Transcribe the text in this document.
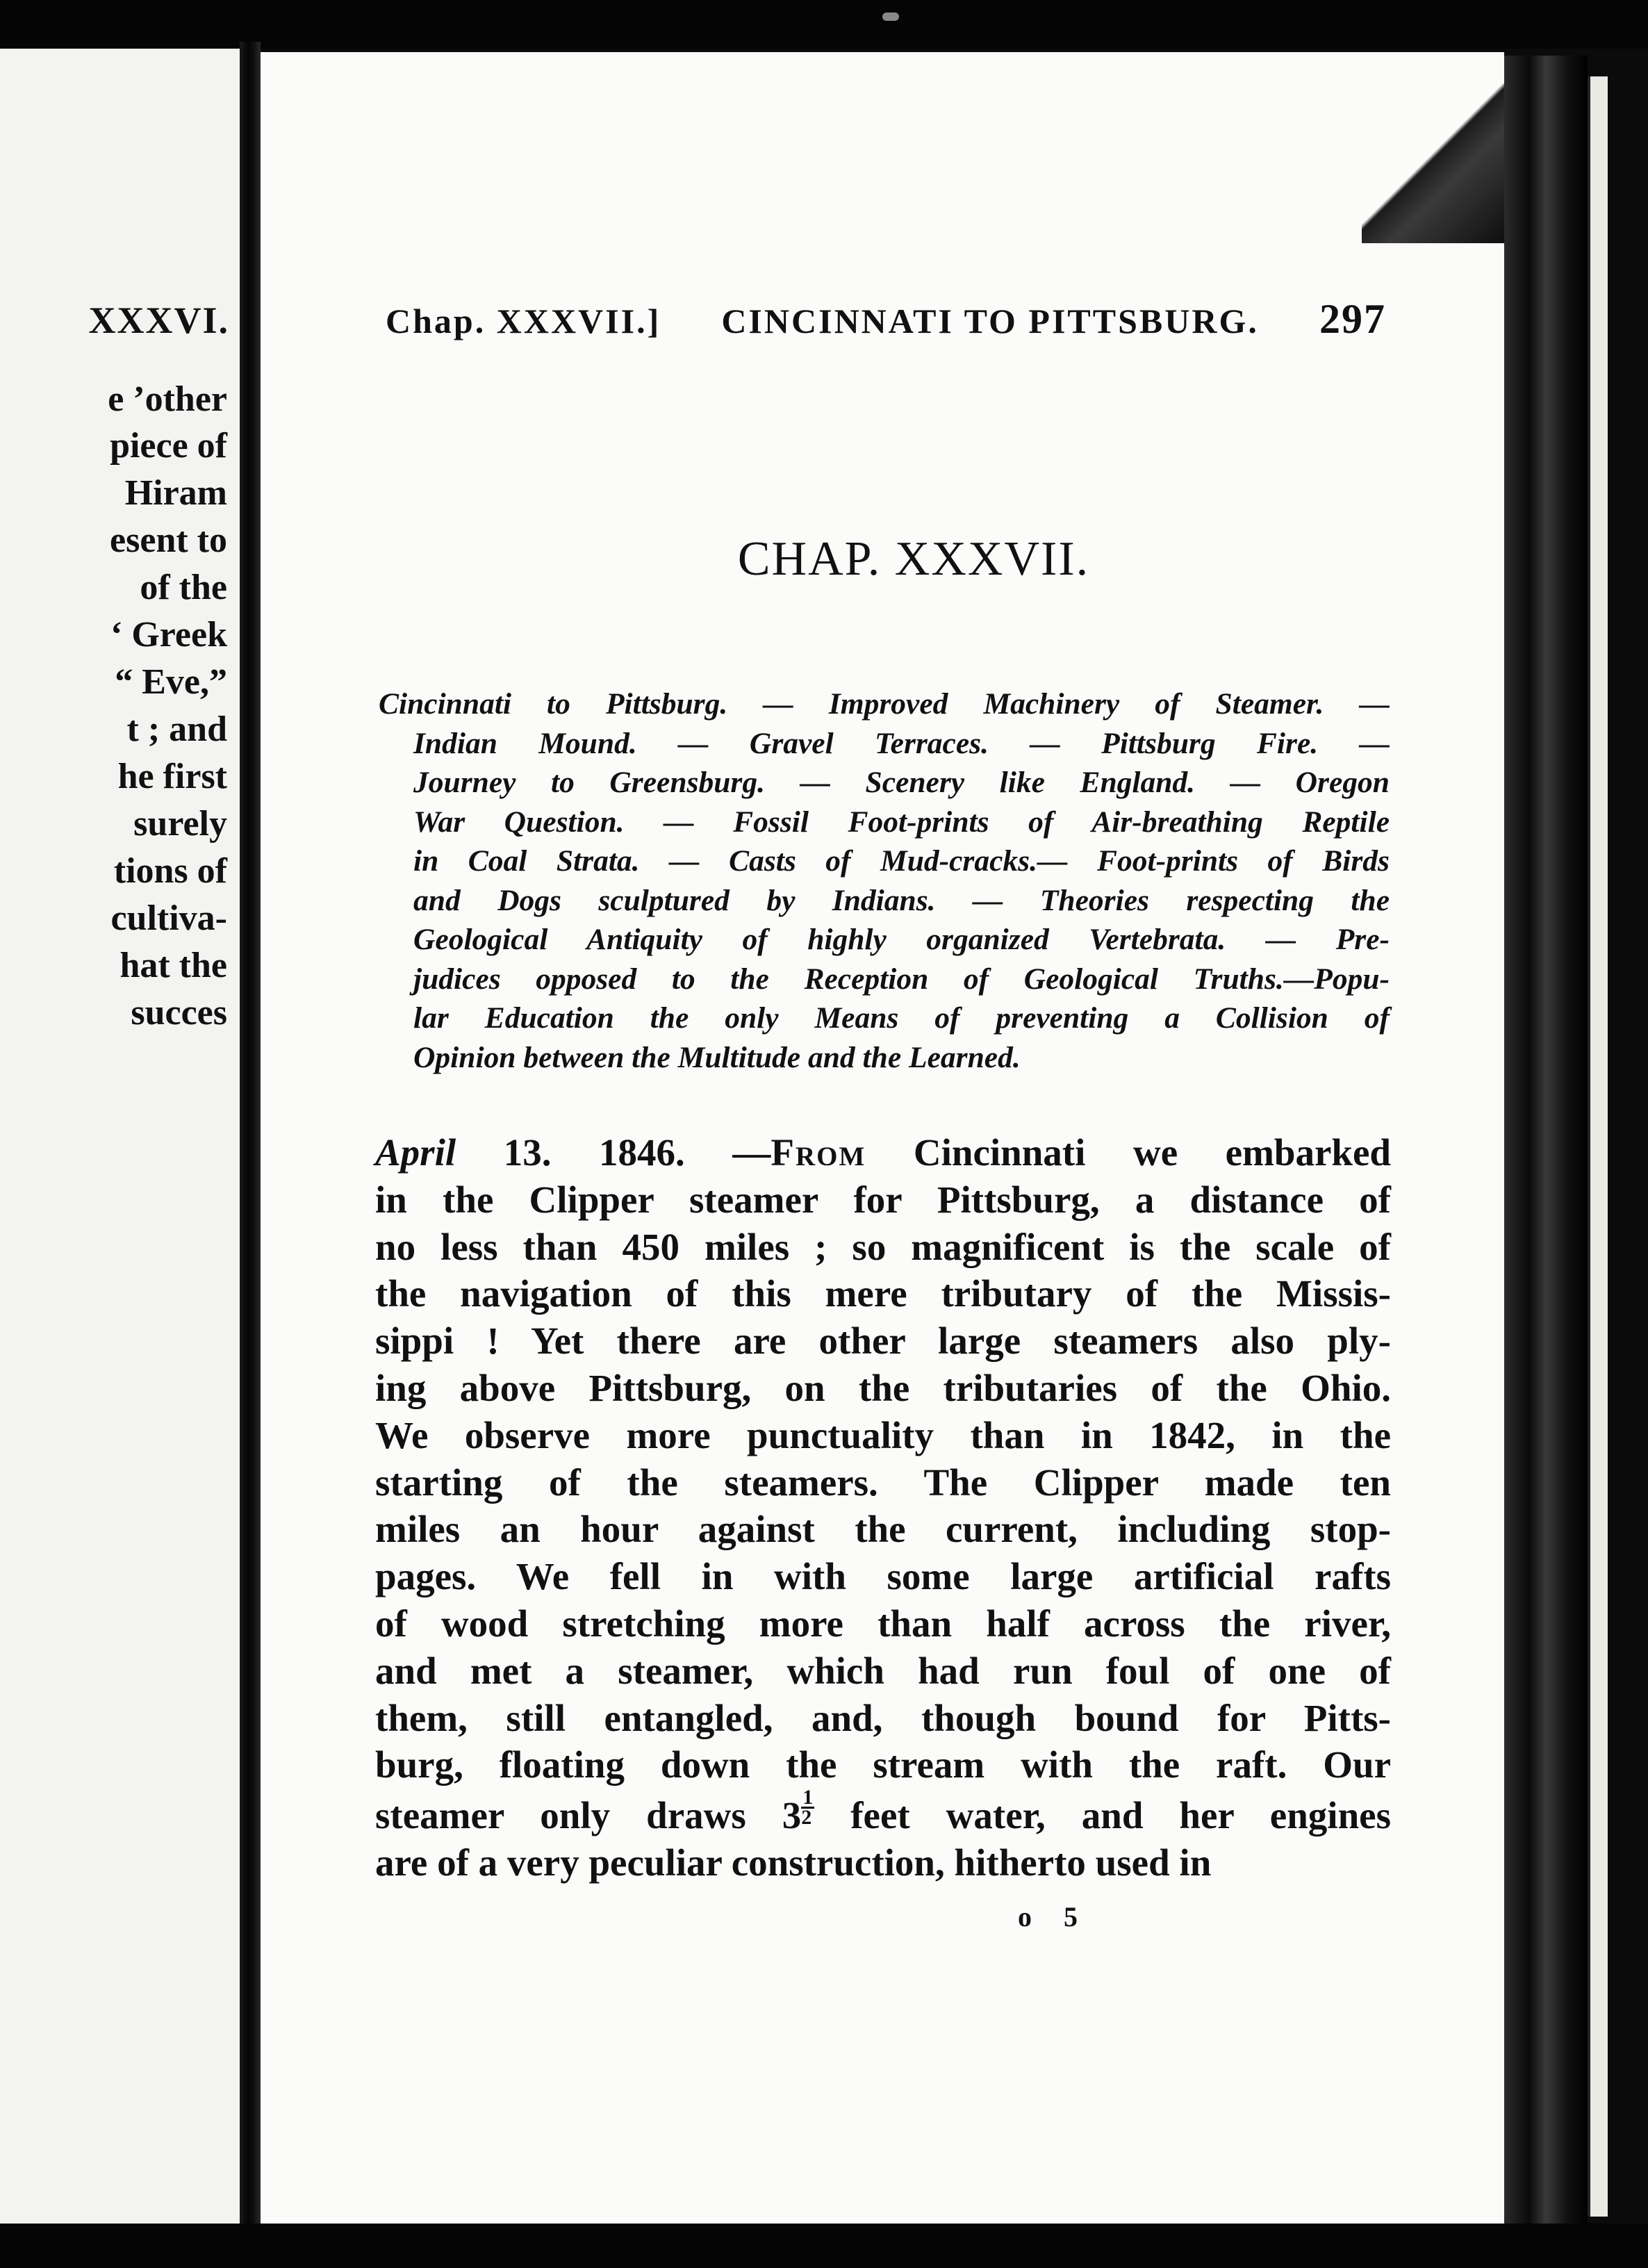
XXXVI.
e ’other
piece of
Hiram
esent to
of the
‘ Greek
“ Eve,”
t ; and
he first
surely
tions of
cultiva-
hat the
succes
Chap. XXXVII.] CINCINNATI TO PITTSBURG. 297
CHAP. XXXVII.
Cincinnati to Pittsburg. — Improved Machinery of Steamer. —
Indian Mound. — Gravel Terraces. — Pittsburg Fire. —
Journey to Greensburg. — Scenery like England. — Oregon
War Question. — Fossil Foot-prints of Air-breathing Reptile
in Coal Strata. — Casts of Mud-cracks.— Foot-prints of Birds
and Dogs sculptured by Indians. — Theories respecting the
Geological Antiquity of highly organized Vertebrata. — Pre-
judices opposed to the Reception of Geological Truths.—Popu-
lar Education the only Means of preventing a Collision of
Opinion between the Multitude and the Learned.
April 13. 1846. —From Cincinnati we embarked
in the Clipper steamer for Pittsburg, a distance of
no less than 450 miles ; so magnificent is the scale of
the navigation of this mere tributary of the Missis-
sippi ! Yet there are other large steamers also ply-
ing above Pittsburg, on the tributaries of the Ohio.
We observe more punctuality than in 1842, in the
starting of the steamers. The Clipper made ten
miles an hour against the current, including stop-
pages. We fell in with some large artificial rafts
of wood stretching more than half across the river,
and met a steamer, which had run foul of one of
them, still entangled, and, though bound for Pitts-
burg, floating down the stream with the raft. Our
steamer only draws $3 \frac{1}{2}$ feet water, and her engines
are of a very peculiar construction, hitherto used in
o 5
